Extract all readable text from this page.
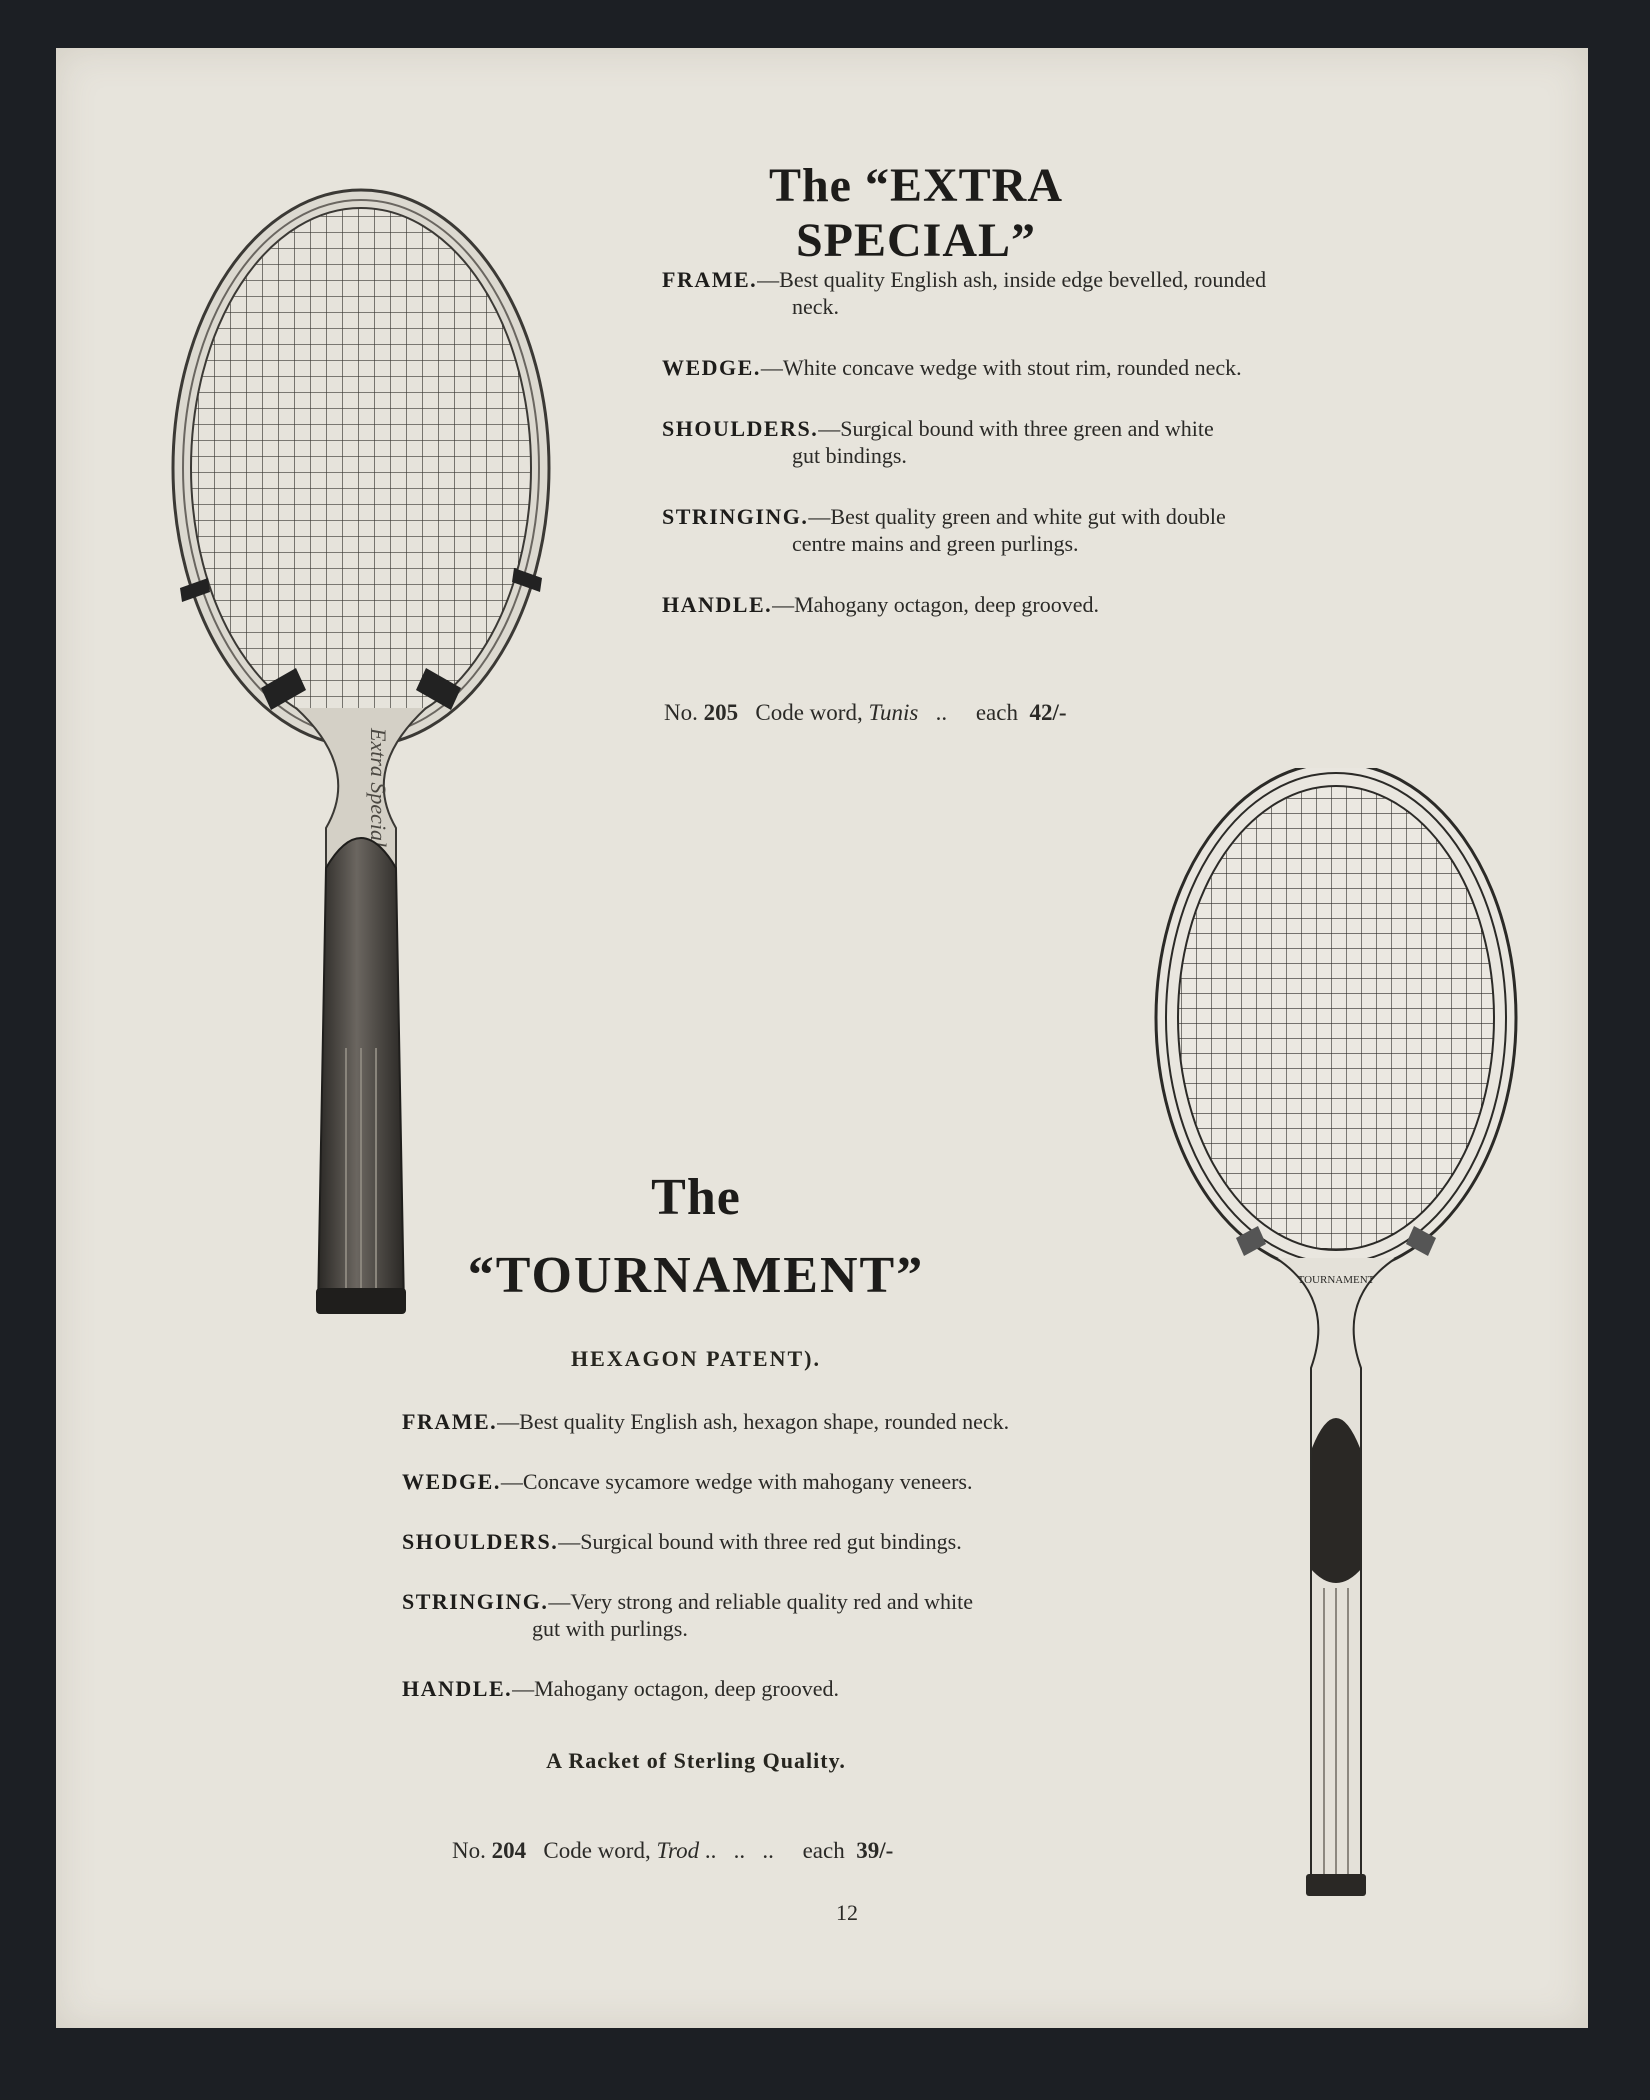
Extra Special
TOURNAMENT
The “EXTRA SPECIAL”
FRAME.—Best quality English ash, inside edge bevelled, rounded
neck.
WEDGE.—White concave wedge with stout rim, rounded neck.
SHOULDERS.—Surgical bound with three green and white
gut bindings.
STRINGING.—Best quality green and white gut with double
centre mains and green purlings.
HANDLE.—Mahogany octagon, deep grooved.
No. 205 Code word, Tunis .. each 42/-
The
“TOURNAMENT”
HEXAGON PATENT).
FRAME.—Best quality English ash, hexagon shape, rounded neck.
WEDGE.—Concave sycamore wedge with mahogany veneers.
SHOULDERS.—Surgical bound with three red gut bindings.
STRINGING.—Very strong and reliable quality red and white
gut with purlings.
HANDLE.—Mahogany octagon, deep grooved.
A Racket of Sterling Quality.
No. 204 Code word, Trod ..   ..   .. each 39/-
12
